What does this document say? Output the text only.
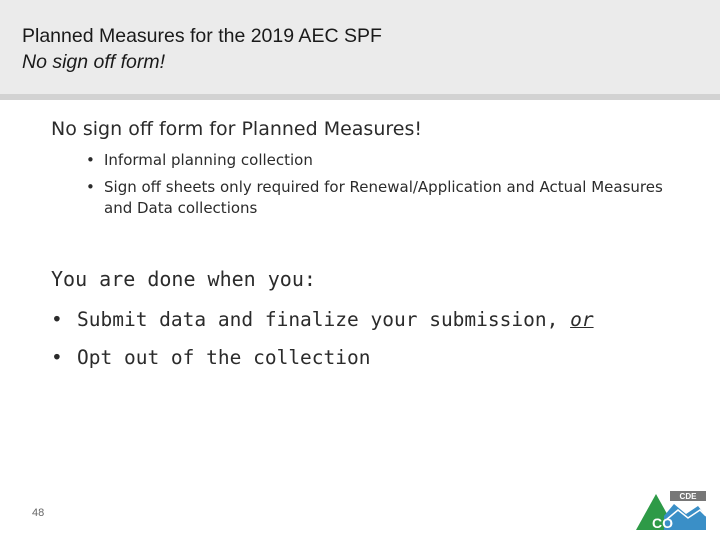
Planned Measures for the 2019 AEC SPF
No sign off form!
No sign off form for Planned Measures!
• Informal planning collection
• Sign off sheets only required for Renewal/Application and Actual Measures and Data collections
You are done when you:
• Submit data and finalize your submission, or
• Opt out of the collection
48
CDE
CO
